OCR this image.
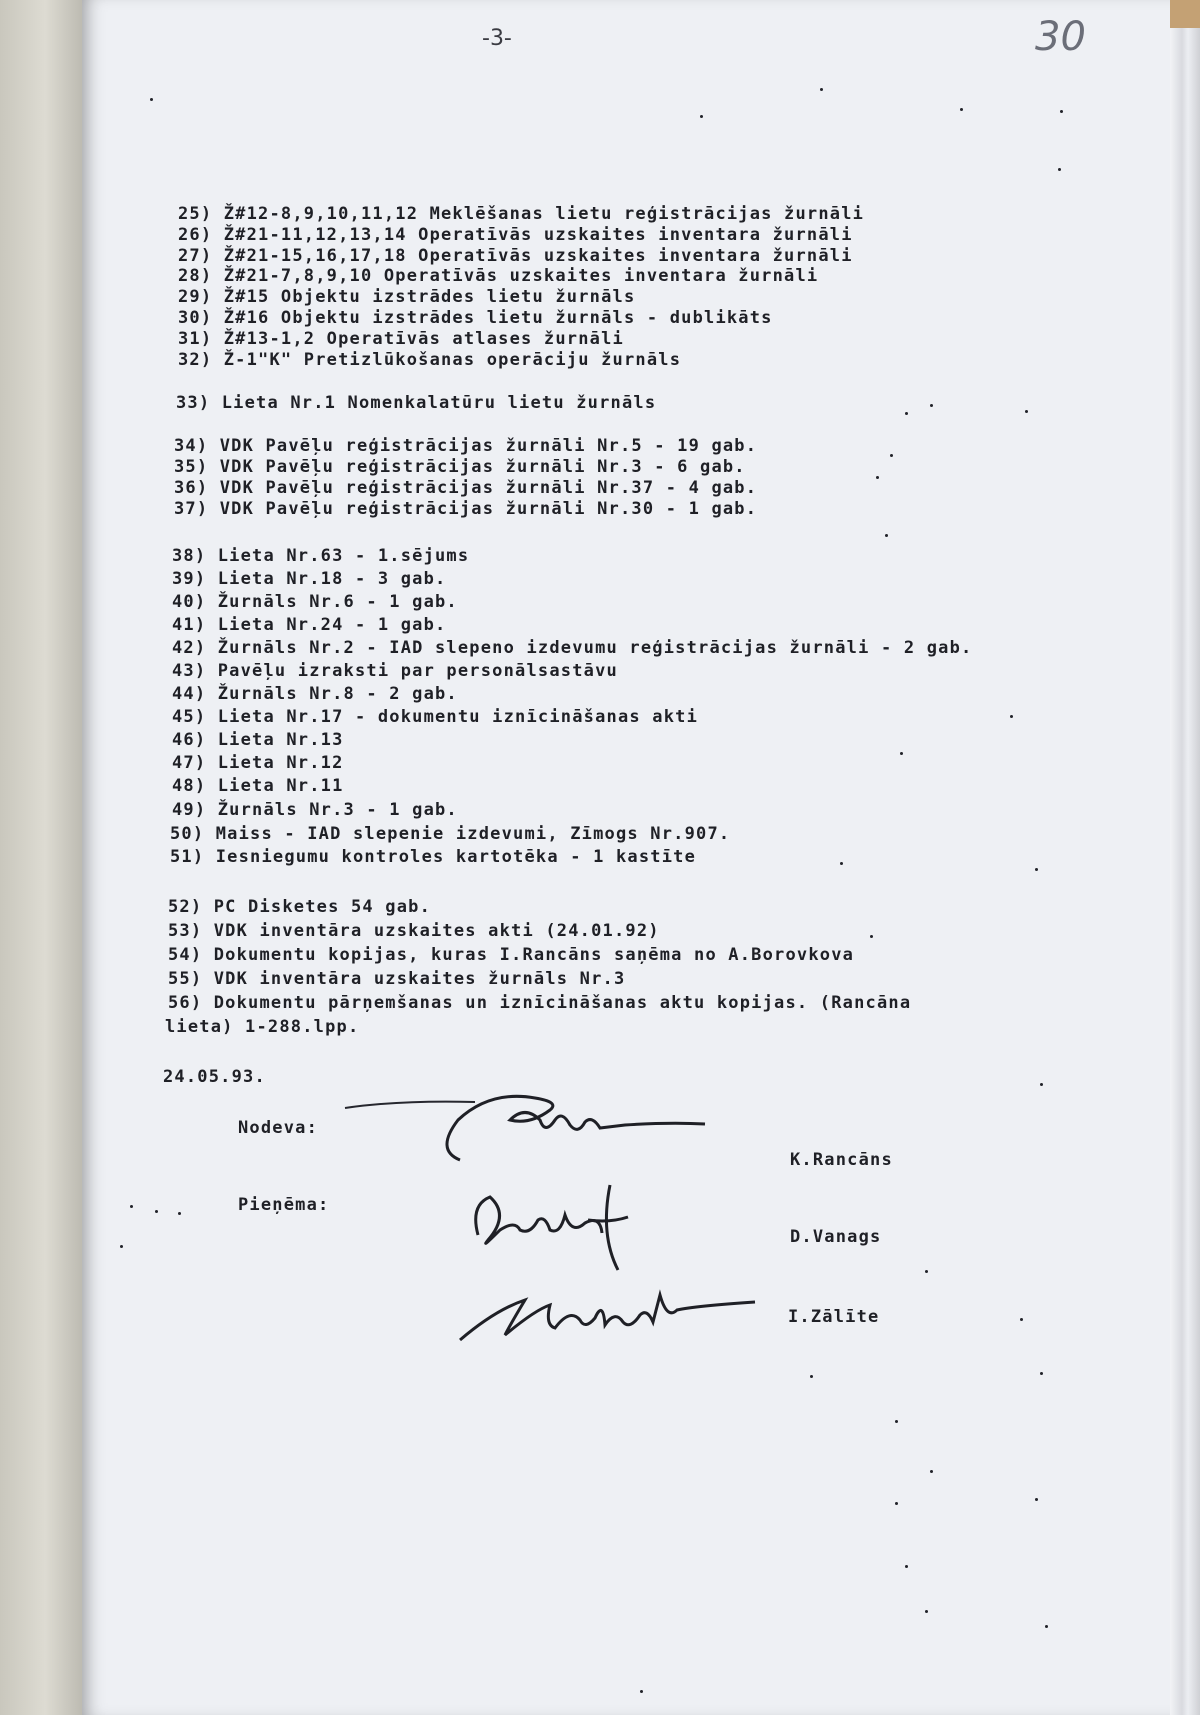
-3-	30
25) Ž#12-8,9,10,11,12 Meklēšanas lietu reģistrācijas žurnāli
26) Ž#21-11,12,13,14 Operatīvās uzskaites inventara žurnāli
27) Ž#21-15,16,17,18 Operatīvās uzskaites inventara žurnāli
28) Ž#21-7,8,9,10 Operatīvās uzskaites inventara žurnāli
29) Ž#15 Objektu izstrādes lietu žurnāls
30) Ž#16 Objektu izstrādes lietu žurnāls - dublikāts
31) Ž#13-1,2 Operatīvās atlases žurnāli
32) Ž-1"K" Pretizlūkošanas operāciju žurnāls
33) Lieta Nr.1 Nomenkalatūru lietu žurnāls
34) VDK Pavēļu reģistrācijas žurnāli Nr.5 - 19 gab.
35) VDK Pavēļu reģistrācijas žurnāli Nr.3 - 6 gab.
36) VDK Pavēļu reģistrācijas žurnāli Nr.37 - 4 gab.
37) VDK Pavēļu reģistrācijas žurnāli Nr.30 - 1 gab.
38) Lieta Nr.63 - 1.sējums
39) Lieta Nr.18 - 3 gab.
40) Žurnāls Nr.6 - 1 gab.
41) Lieta Nr.24 - 1 gab.
42) Žurnāls Nr.2 - IAD slepeno izdevumu reģistrācijas žurnāli - 2 gab.
43) Pavēļu izraksti par personālsastāvu
44) Žurnāls Nr.8 - 2 gab.
45) Lieta Nr.17 - dokumentu iznīcināšanas akti
46) Lieta Nr.13
47) Lieta Nr.12
48) Lieta Nr.11
49) Žurnāls Nr.3 - 1 gab.
50) Maiss - IAD slepenie izdevumi, Zīmogs Nr.907.
51) Iesniegumu kontroles kartotēka - 1 kastīte
52) PC Disketes 54 gab.
53) VDK inventāra uzskaites akti (24.01.92)
54) Dokumentu kopijas, kuras I.Rancāns saņēma no A.Borovkova
55) VDK inventāra uzskaites žurnāls Nr.3
56) Dokumentu pārņemšanas un iznīcināšanas aktu kopijas. (Rancāna
lieta) 1-288.lpp.
24.05.93.
Nodeva:
Pieņēma:
K.Rancāns
D.Vanags
I.Zālīte
